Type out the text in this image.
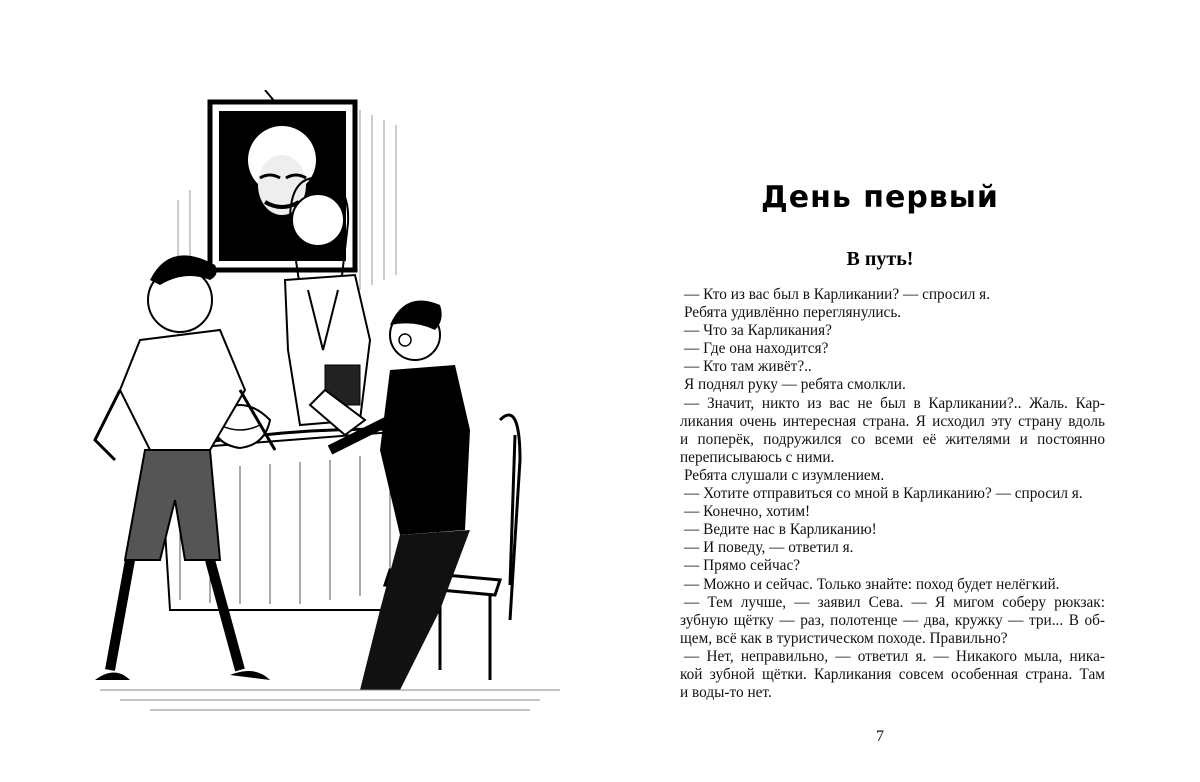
День первый
В путь!
— Кто из вас был в Карликании? — спросил я.
Ребята удивлённо переглянулись.
— Что за Карликания?
— Где она находится?
— Кто там живёт?..
Я поднял руку — ребята смолкли.
— Значит, никто из вас не был в Карликании?.. Жаль. Кар-
ликания очень интересная страна. Я исходил эту страну вдоль
и поперёк, подружился со всеми её жителями и постоянно
переписываюсь с ними.
Ребята слушали с изумлением.
— Хотите отправиться со мной в Карликанию? — спросил я.
— Конечно, хотим!
— Ведите нас в Карликанию!
— И поведу, — ответил я.
— Прямо сейчас?
— Можно и сейчас. Только знайте: поход будет нелёгкий.
— Тем лучше, — заявил Сева. — Я мигом соберу рюкзак:
зубную щётку — раз, полотенце — два, кружку — три... В об-
щем, всё как в туристическом походе. Правильно?
— Нет, неправильно, — ответил я. — Никакого мыла, ника-
кой зубной щётки. Карликания совсем особенная страна. Там
и воды-то нет.
7
